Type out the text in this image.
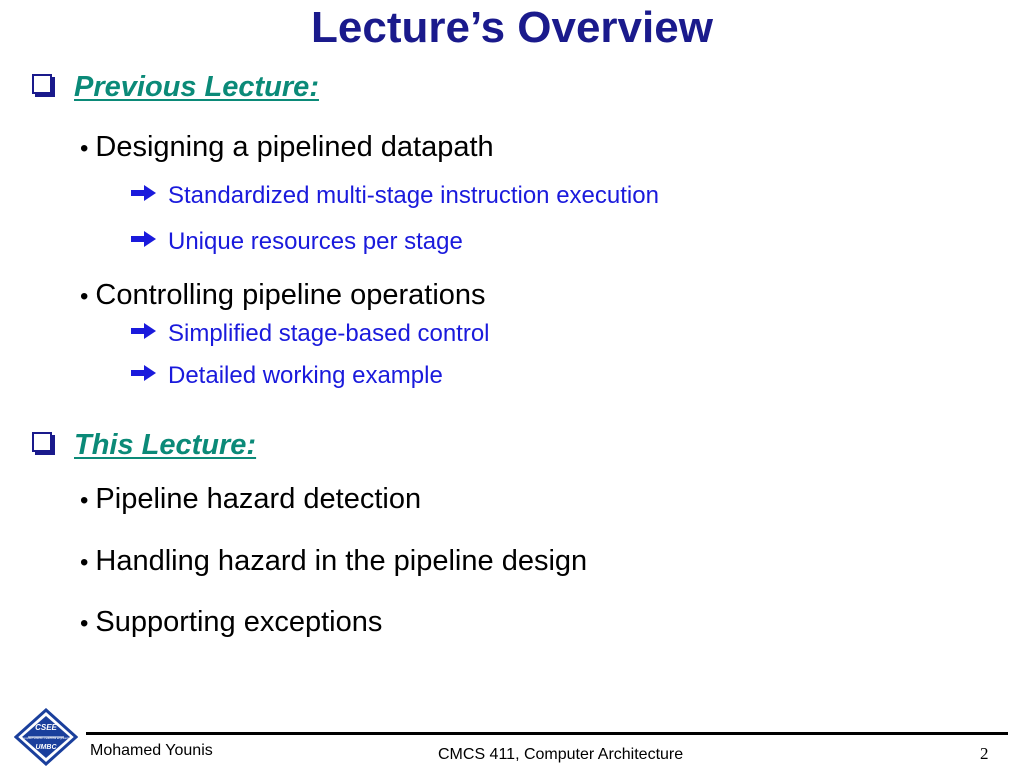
Lecture’s Overview
Previous Lecture:
• Designing a pipelined datapath
Standardized multi-stage instruction execution
Unique resources per stage
• Controlling pipeline operations
Simplified stage-based control
Detailed working example
This Lecture:
• Pipeline hazard detection
• Handling hazard in the pipeline design
• Supporting exceptions
CSEE
Computer Science + Electrical Engineering
UMBC Mohamed Younis	CMCS 411, Computer Architecture	2
